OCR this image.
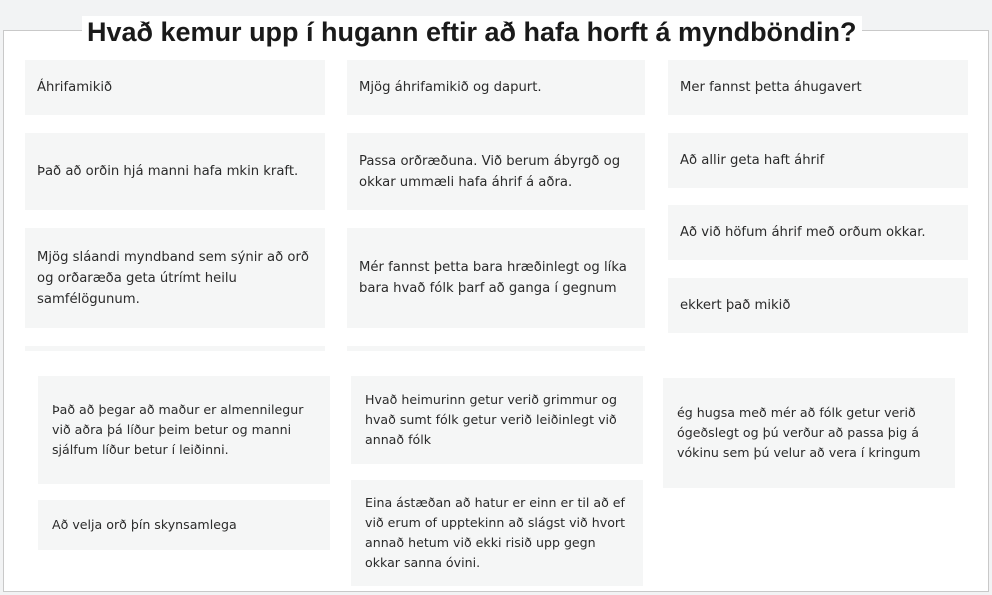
Hvað kemur upp í hugann eftir að hafa horft á myndböndin?
Áhrifamikið	Mjög áhrifamikið og dapurt.	Mer fannst þetta áhugavert
Það að orðin hjá manni hafa mkin kraft.
Passa orðræðuna. Við berum ábyrgð og okkar ummæli hafa áhrif á aðra.
Að allir geta haft áhrif
Að við höfum áhrif með orðum okkar.
Mjög sláandi myndband sem sýnir að orð og orðaræða geta útrímt heilu samfélögunum.
Mér fannst þetta bara hræðinlegt og líka bara hvað fólk þarf að ganga í gegnum
ekkert það mikið
Það að þegar að maður er almennilegur við aðra þá líður þeim betur og manni sjálfum líður betur í leiðinni.
Hvað heimurinn getur verið grimmur og hvað sumt fólk getur verið leiðinlegt við annað fólk
ég hugsa með mér að fólk getur verið ógeðslegt og þú verður að passa þig á vókinu sem þú velur að vera í kringum
Að velja orð þín skynsamlega
Eina ástæðan að hatur er einn er til að ef við erum of upptekinn að slágst við hvort annað hetum við ekki risið upp gegn okkar sanna óvini.
